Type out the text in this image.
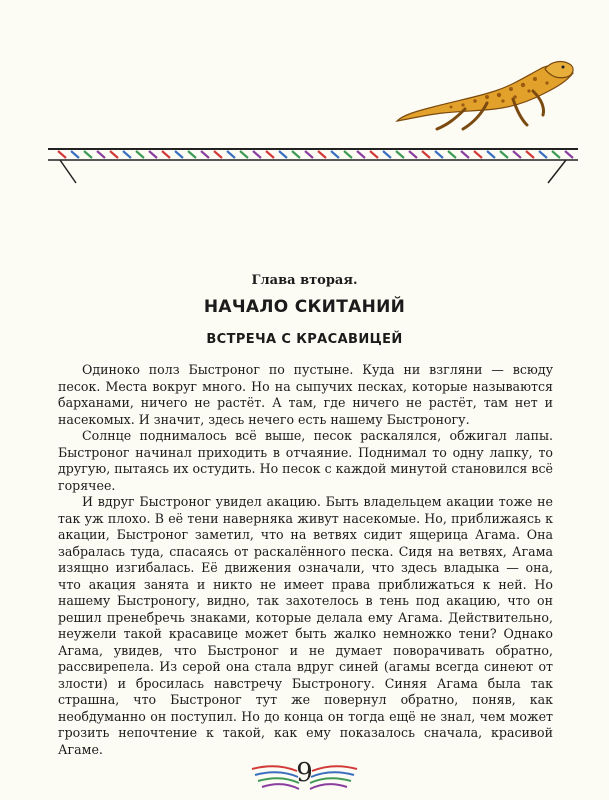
Глава вторая.
НАЧАЛО СКИТАНИЙ
ВСТРЕЧА С КРАСАВИЦЕЙ

Одиноко полз Быстроног по пустыне. Куда ни взгляни — всюду песок. Места вокруг много. Но на сыпучих песках, которые называются барханами, ничего не растёт. А там, где ничего не растёт, там нет и насекомых. И значит, здесь нечего есть нашему Быстроногу.

Солнце поднималось всё выше, песок раскалялся, обжигал лапы. Быстроног начинал приходить в отчаяние. Поднимал то одну лапку, то другую, пытаясь их остудить. Но песок с каждой минутой становился всё горячее.

И вдруг Быстроног увидел акацию. Быть владельцем акации тоже не так уж плохо. В её тени наверняка живут насекомые. Но, приближаясь к акации, Быстроног заметил, что на ветвях сидит ящерица Агама. Она забралась туда, спасаясь от раскалённого песка. Сидя на ветвях, Агама изящно изгибалась. Её движения означали, что здесь владыка — она, что акация занята и никто не имеет права приближаться к ней. Но нашему Быстроногу, видно, так захотелось в тень под акацию, что он решил пренебречь знаками, которые делала ему Агама. Действительно, неужели такой красавице может быть жалко немножко тени? Однако Агама, увидев, что Быстроног и не думает поворачивать обратно, рассвирепела. Из серой она стала вдруг синей (агамы всегда синеют от злости) и бросилась навстречу Быстроногу. Синяя Агама была так страшна, что Быстроног тут же повернул обратно, поняв, как необдуманно он поступил. Но до конца он тогда ещё не знал, чем может грозить непочтение к такой, как ему показалось сначала, красивой Агаме.

9
